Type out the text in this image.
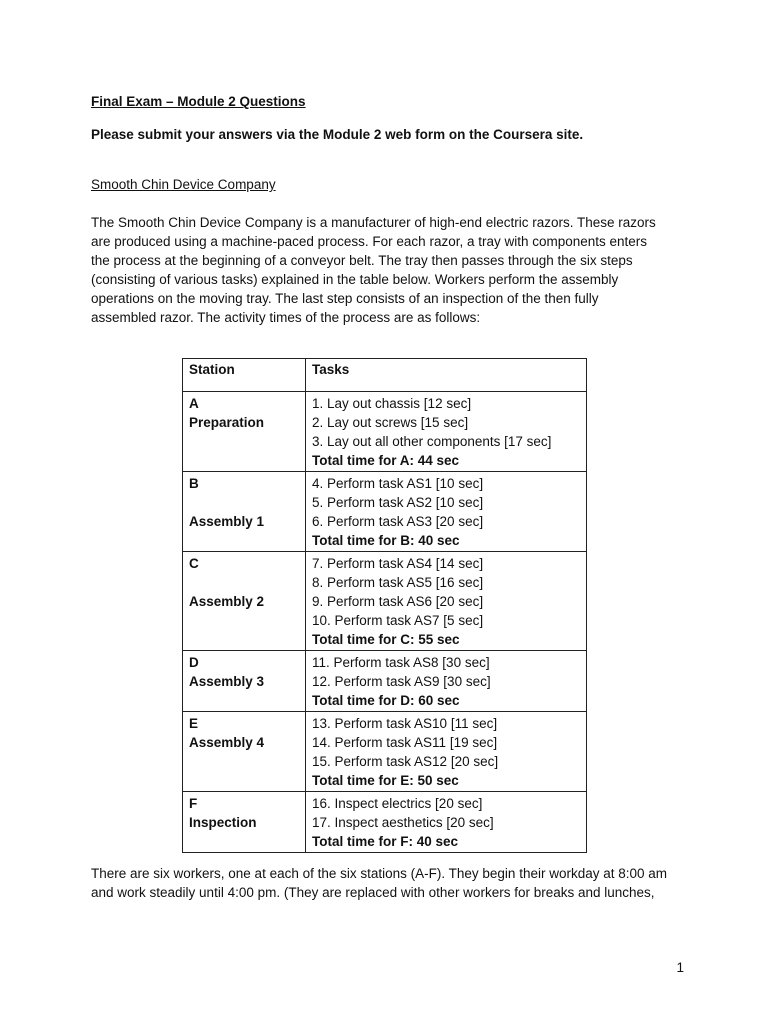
Final Exam – Module 2 Questions
Please submit your answers via the Module 2 web form on the Coursera site.
Smooth Chin Device Company
The Smooth Chin Device Company is a manufacturer of high-end electric razors. These razors
are produced using a machine-paced process. For each razor, a tray with components enters
the process at the beginning of a conveyor belt. The tray then passes through the six steps
(consisting of various tasks) explained in the table below. Workers perform the assembly
operations on the moving tray. The last step consists of an inspection of the then fully
assembled razor. The activity times of the process are as follows:
Station	Tasks

A
Preparation	1. Lay out chassis [12 sec]
2. Lay out screws [15 sec]
3. Lay out all other components [17 sec]
Total time for A: 44 sec

B
Assembly 1	4. Perform task AS1 [10 sec]
5. Perform task AS2 [10 sec]
6. Perform task AS3 [20 sec]
Total time for B: 40 sec

C
Assembly 2	7. Perform task AS4 [14 sec]
8. Perform task AS5 [16 sec]
9. Perform task AS6 [20 sec]
10. Perform task AS7 [5 sec]
Total time for C: 55 sec

D
Assembly 3	11. Perform task AS8 [30 sec]
12. Perform task AS9 [30 sec]
Total time for D: 60 sec

E
Assembly 4	13. Perform task AS10 [11 sec]
14. Perform task AS11 [19 sec]
15. Perform task AS12 [20 sec]
Total time for E: 50 sec

F
Inspection	16. Inspect electrics [20 sec]
17. Inspect aesthetics [20 sec]
Total time for F: 40 sec
There are six workers, one at each of the six stations (A-F). They begin their workday at 8:00 am
and work steadily until 4:00 pm. (They are replaced with other workers for breaks and lunches,
1
